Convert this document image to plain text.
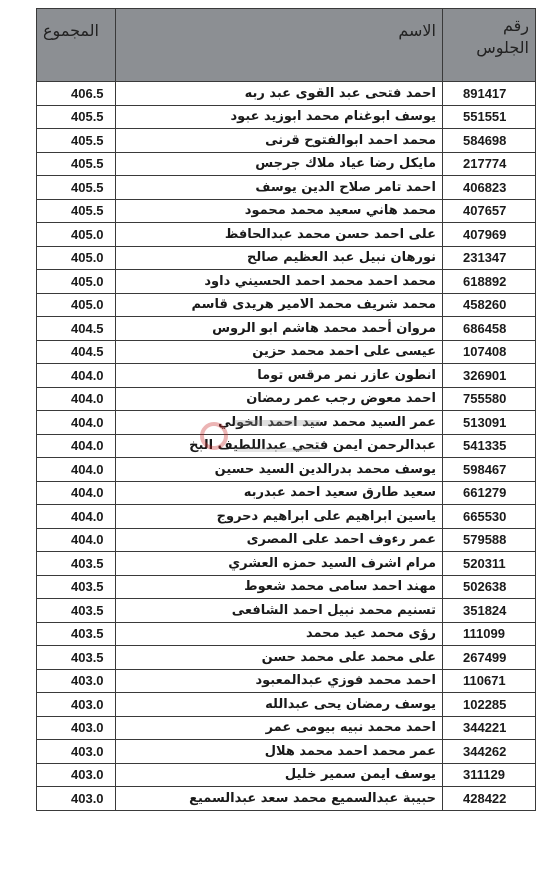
المجموع	الاسم	رقم
الجلوس

406.5	احمد فتحى عبد القوى عبد ربه	891417
405.5	يوسف ابوغنام محمد ابوزيد عبود	551551
405.5	محمد احمد ابوالفتوح قرنى	584698
405.5	مايكل رضا عياد ملاك جرجس	217774
405.5	احمد تامر صلاح الدين يوسف	406823
405.5	محمد هاني سعيد محمد محمود	407657
405.0	على احمد حسن محمد عبدالحافظ	407969
405.0	نورهان نبيل عبد العظيم صالح	231347
405.0	محمد احمد محمد احمد الحسيني داود	618892
405.0	محمد شريف محمد الامير هريدى قاسم	458260
404.5	مروان أحمد محمد هاشم ابو الروس	686458
404.5	عيسى على احمد محمد حزين	107408
404.0	انطون عازر نمر مرقس توما	326901
404.0	احمد معوض رجب عمر رمضان	755580
404.0	عمر السيد محمد سيد احمد الخولي	513091
404.0	عبدالرحمن ايمن فتحي عبداللطيف البخ	541335
404.0	يوسف محمد بدرالدين السيد حسين	598467
404.0	سعيد طارق سعيد احمد عبدربه	661279
404.0	ياسين ابراهيم على ابراهيم دحروج	665530
404.0	عمر رءوف احمد على المصرى	579588
403.5	مرام اشرف السيد حمزه العشري	520311
403.5	مهند احمد سامى محمد شعوط	502638
403.5	تسنيم محمد نبيل احمد الشافعى	351824
403.5	رؤى محمد عيد محمد	111099
403.5	على محمد على محمد حسن	267499
403.0	احمد محمد فوزي عبدالمعبود	110671
403.0	يوسف رمضان يحى عبدالله	102285
403.0	احمد محمد نبيه بيومى عمر	344221
403.0	عمر محمد احمد محمد هلال	344262
403.0	يوسف ايمن سمير خليل	311129
403.0	حبيبة عبدالسميع محمد سعد عبدالسميع	428422
